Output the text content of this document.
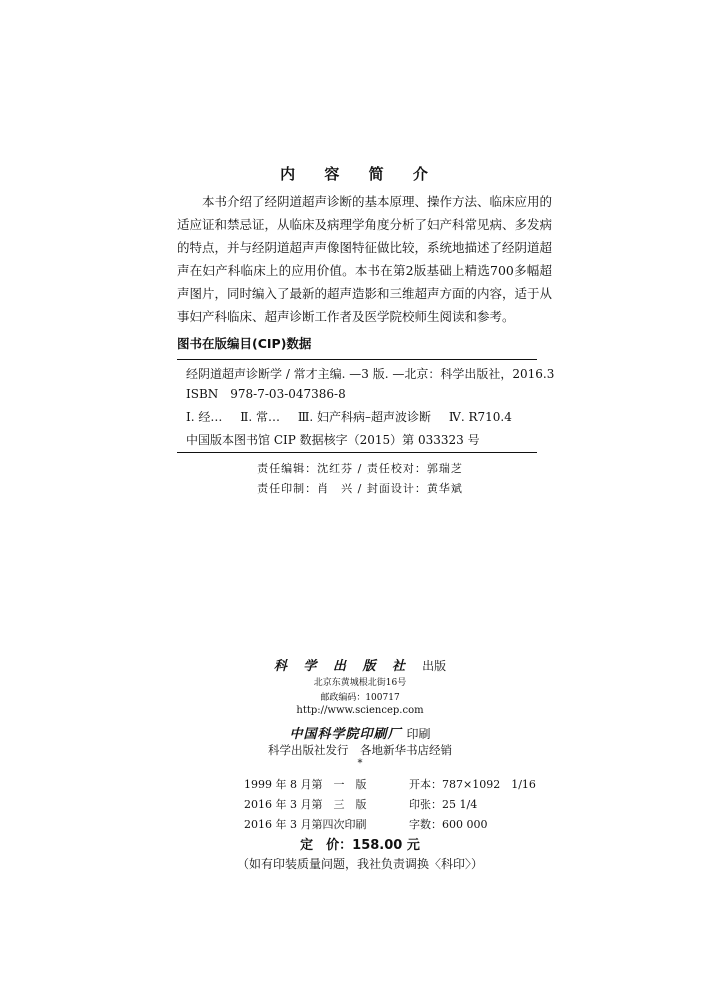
内 容 简 介
本书介绍了经阴道超声诊断的基本原理、操作方法、临床应用的适应证和禁忌证，从临床及病理学角度分析了妇产科常见病、多发病的特点，并与经阴道超声声像图特征做比较，系统地描述了经阴道超声在妇产科临床上的应用价值。本书在第2版基础上精选700多幅超声图片，同时编入了最新的超声造影和三维超声方面的内容，适于从事妇产科临床、超声诊断工作者及医学院校师生阅读和参考。
图书在版编目(CIP)数据
经阴道超声诊断学 / 常才主编. —3 版. —北京：科学出版社，2016.3
ISBN　978-7-03-047386-8
Ⅰ. 经… Ⅱ. 常… Ⅲ. 妇产科病–超声波诊断 Ⅳ. R710.4
中国版本图书馆 CIP 数据核字（2015）第 033323 号
责任编辑：沈红芬 / 责任校对：郭瑞芝
责任印制：肖　兴 / 封面设计：黄华斌
科 学 出 版 社 出版
北京东黄城根北街16号
邮政编码：100717
http://www.sciencep.com
中国科学院印刷厂 印刷
科学出版社发行　各地新华书店经销
*
1999 年 8 月第　一　版	开本：787×1092　1/16
2016 年 3 月第　三　版	印张：25 1/4
2016 年 3 月第四次印刷	字数：600 000
定　价：158.00 元
（如有印装质量问题，我社负责调换〈科印〉）
